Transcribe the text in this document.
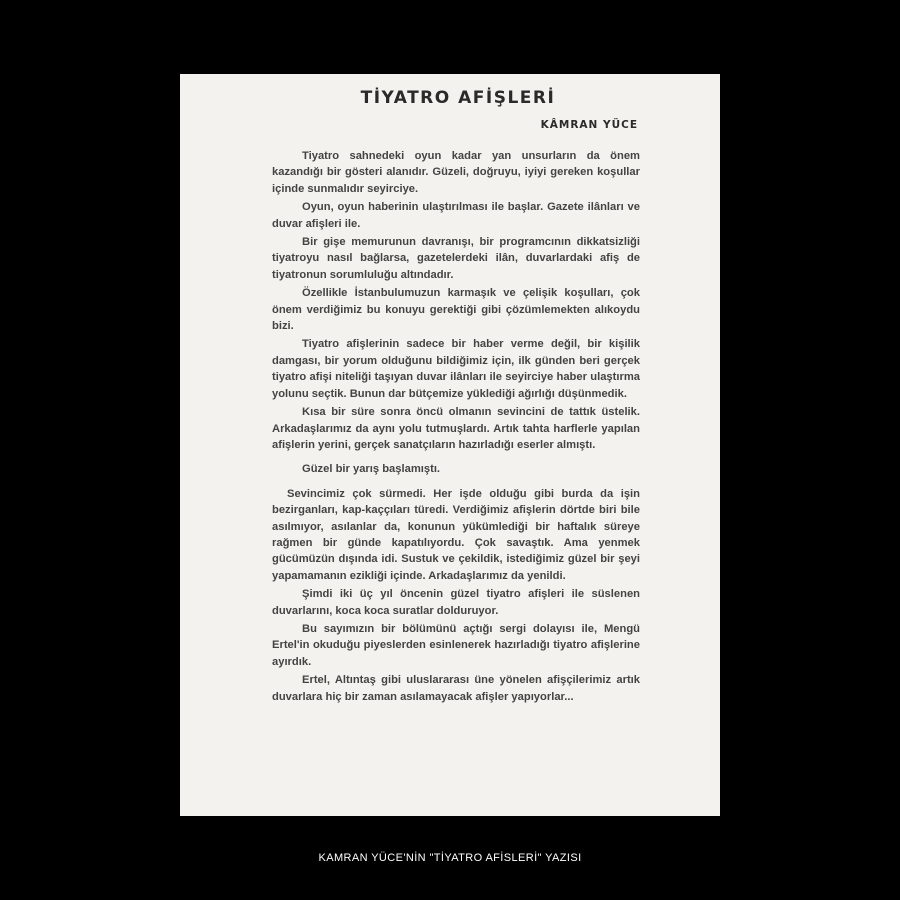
TİYATRO AFİŞLERİ
KÂMRAN YÜCE

Tiyatro sahnedeki oyun kadar yan unsurların da önem kazandığı bir gösteri alanıdır. Güzeli, doğruyu, iyiyi gereken koşullar içinde sunmalıdır seyirciye.

Oyun, oyun haberinin ulaştırılması ile başlar. Gazete ilânları ve duvar afişleri ile.

Bir gişe memurunun davranışı, bir programcının dikkatsizliği tiyatroyu nasıl bağlarsa, gazetelerdeki ilân, duvarlardaki afiş de tiyatronun sorumluluğu altındadır.

Özellikle İstanbulumuzun karmaşık ve çelişik koşulları, çok önem verdiğimiz bu konuyu gerektiği gibi çözümlemekten alıkoydu bizi.

Tiyatro afişlerinin sadece bir haber verme değil, bir kişilik damgası, bir yorum olduğunu bildiğimiz için, ilk günden beri gerçek tiyatro afişi niteliği taşıyan duvar ilânları ile seyirciye haber ulaştırma yolunu seçtik. Bunun dar bütçemize yüklediği ağırlığı düşünmedik.

Kısa bir süre sonra öncü olmanın sevincini de tattık üstelik. Arkadaşlarımız da aynı yolu tutmuşlardı. Artık tahta harflerle yapılan afişlerin yerini, gerçek sanatçıların hazırladığı eserler almıştı.

Güzel bir yarış başlamıştı.

Sevincimiz çok sürmedi. Her işde olduğu gibi burda da işin bezirganları, kap-kaççıları türedi. Verdiğimiz afişlerin dörtde biri bile asılmıyor, asılanlar da, konunun yükümlediği bir haftalık süreye rağmen bir günde kapatılıyordu. Çok savaştık. Ama yenmek gücümüzün dışında idi. Sustuk ve çekildik, istediğimiz güzel bir şeyi yapamamanın ezikliği içinde. Arkadaşlarımız da yenildi.

Şimdi iki üç yıl öncenin güzel tiyatro afişleri ile süslenen duvarlarını, koca koca suratlar dolduruyor.

Bu sayımızın bir bölümünü açtığı sergi dolayısı ile, Mengü Ertel'in okuduğu piyeslerden esinlenerek hazırladığı tiyatro afişlerine ayırdık.

Ertel, Altıntaş gibi uluslararası üne yönelen afişçilerimiz artık duvarlara hiç bir zaman asılamayacak afişler yapıyorlar...

KAMRAN YÜCE'NİN "TİYATRO AFİSLERİ" YAZISI
